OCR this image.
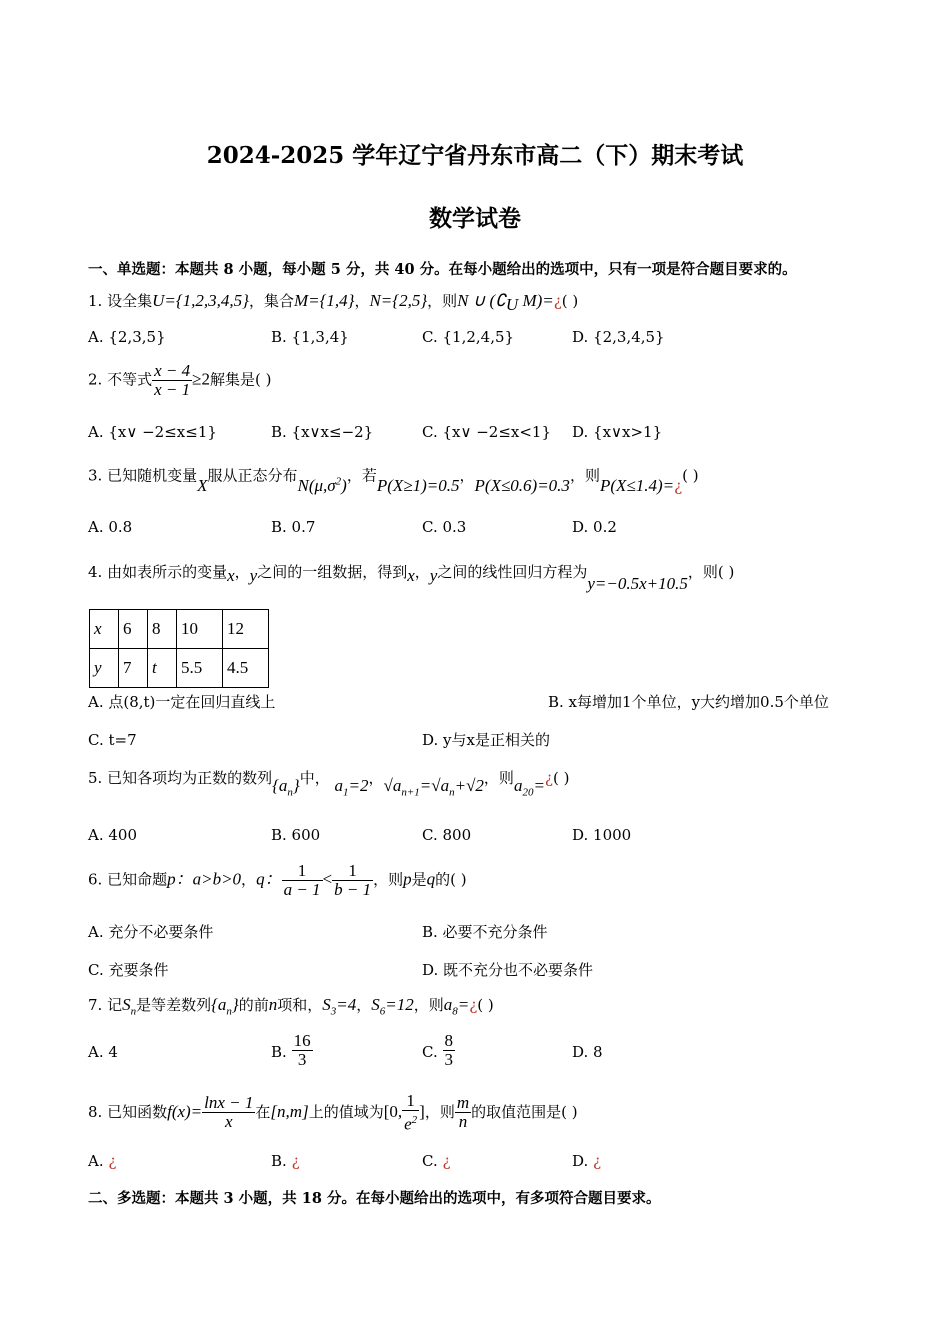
2024-2025 学年辽宁省丹东市高二（下）期末考试
数学试卷
一、单选题：本题共 8 小题，每小题 5 分，共 40 分。在每小题给出的选项中，只有一项是符合题目要求的。
1. 设全集U={1,2,3,4,5}，集合M={1,4}，N={2,5}，则N ∪ ($∁_U$ M)=¿( )
A. {2,3,5}	B. {1,3,4}	C. {1,2,4,5}	D. {2,3,4,5}
2. 不等式 $\frac{x - 4}{x - 1} \ge 2$解集是( )
A. {x∨ −2≤x≤1}	B. {x∨x≤−2}	C. {x∨ −2≤x<1} D. {x∨x>1}
3. 已知随机变量X服从正态分布$N(\mu,\sigma^2)$，若P(X≥1)=0.5，P(X≤0.6)=0.3，则P(X≤1.4)=¿( )
A. 0.8	B. 0.7	C. 0.3	D. 0.2
4. 由如表所示的变量x，y之间的一组数据，得到x，y之间的线性回归方程为y=−0.5x+10.5，则( )
x	6	8	10	12
y	7	t	5.5	4.5
A. 点(8,t)一定在回归直线上	B. x每增加1个单位，y大约增加0.5个单位
C. t=7	D. y与x是正相关的
5. 已知各项均为正数的数列$\{a_n\}$中， $a_1=2$，$√a_{n+1}=√a_n+√2$，则$a_{20}=¿$( )
A. 400	B. 600	C. 800	D. 1000
6. 已知命题p：a>b>0，q： $\frac{1}{a - 1} < \frac{1}{b - 1}$ ，则p是q的( )
A. 充分不必要条件	B. 必要不充分条件
C. 充要条件	D. 既不充分也不必要条件
7. 记$S_n$是等差数列$\{a_n\}$的前n项和，$S_3=4$，$S_6=12$，则$a_8=¿$( )
A. 4	B. $\frac{16}{3}$	C. $\frac{8}{3}$	D. 8
8. 已知函数$f(x)= \frac{\ln x - 1}{x}$ 在[n,m]上的值域为[0, $\frac{1}{e^2}$ ]，则 $\frac{m}{n}$ 的取值范围是( )
A. ¿	B. ¿	C. ¿	D. ¿
二、多选题：本题共 3 小题，共 18 分。在每小题给出的选项中，有多项符合题目要求。
